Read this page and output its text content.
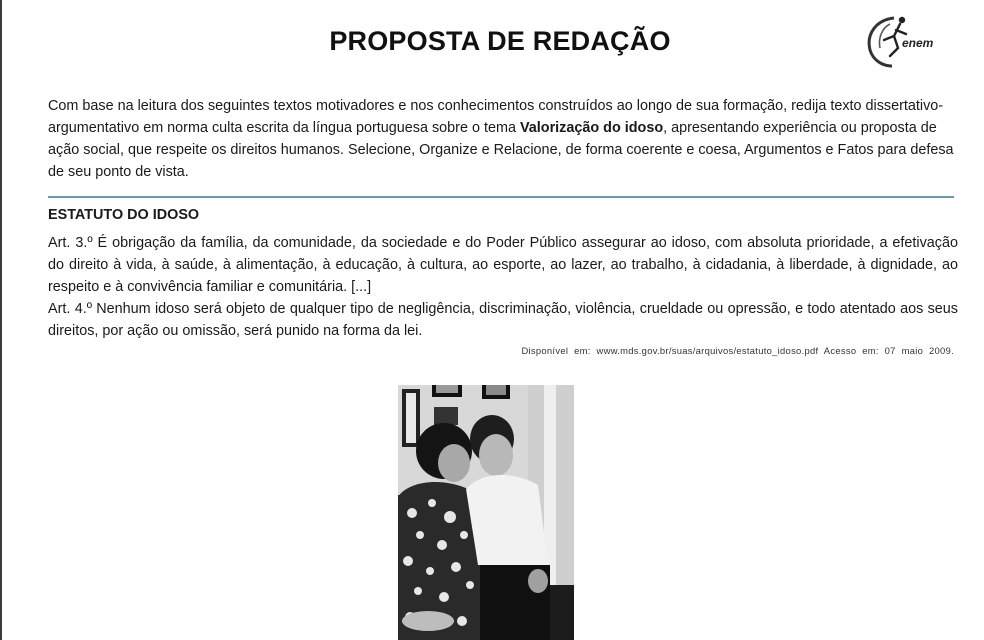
PROPOSTA DE REDAÇÃO	enem

Com base na leitura dos seguintes textos motivadores e nos conhecimentos construídos ao longo de sua formação, redija texto dissertativo-argumentativo em norma culta escrita da língua portuguesa sobre o tema Valorização do idoso, apresentando experiência ou proposta de ação social, que respeite os direitos humanos. Selecione, Organize e Relacione, de forma coerente e coesa, Argumentos e Fatos para defesa de seu ponto de vista.

ESTATUTO DO IDOSO

Art. 3.º É obrigação da família, da comunidade, da sociedade e do Poder Público assegurar ao idoso, com absoluta prioridade, a efetivação do direito à vida, à saúde, à alimentação, à educação, à cultura, ao esporte, ao lazer, ao trabalho, à cidadania, à liberdade, à dignidade, ao respeito e à convivência familiar e comunitária. [...]

Art. 4.º Nenhum idoso será objeto de qualquer tipo de negligência, discriminação, violência, crueldade ou opressão, e todo atentado aos seus direitos, por ação ou omissão, será punido na forma da lei.

Disponível em: www.mds.gov.br/suas/arquivos/estatuto_idoso.pdf Acesso em: 07 maio 2009.
